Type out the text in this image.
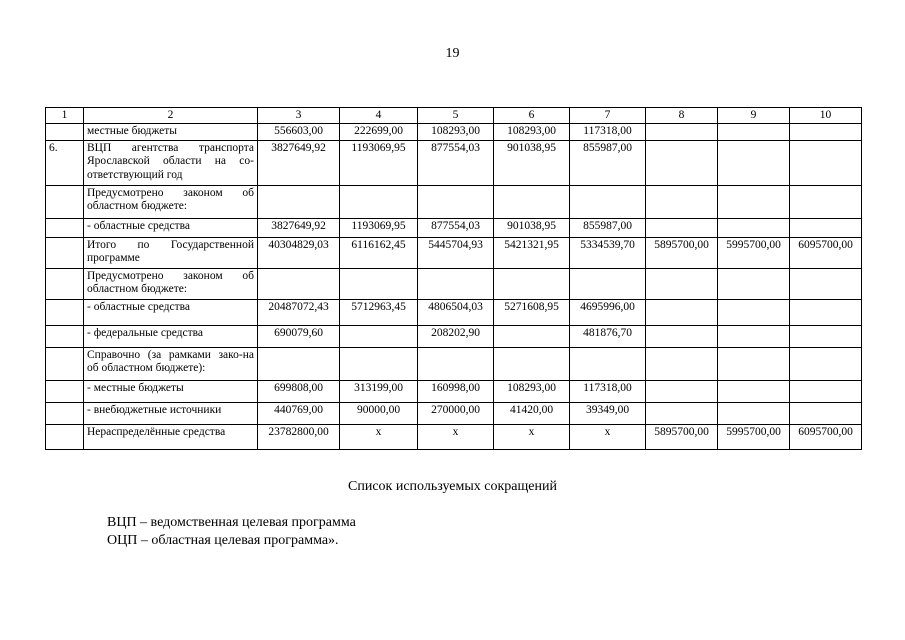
19
1	2	3	4	5	6	7	8	9	10
	местные бюджеты	556603,00	222699,00	108293,00	108293,00	117318,00			
6.	ВЦП агентства транспорта Ярославской области на со-ответствующий год	3827649,92	1193069,95	877554,03	901038,95	855987,00			
	Предусмотрено законом об областном бюджете:								
	- областные средства	3827649,92	1193069,95	877554,03	901038,95	855987,00			
	Итого по Государственной программе	40304829,03	6116162,45	5445704,93	5421321,95	5334539,70	5895700,00	5995700,00	6095700,00
	Предусмотрено законом об областном бюджете:								
	- областные средства	20487072,43	5712963,45	4806504,03	5271608,95	4695996,00			
	- федеральные средства	690079,60		208202,90		481876,70			
	Справочно (за рамками зако-на об областном бюджете):								
	- местные бюджеты	699808,00	313199,00	160998,00	108293,00	117318,00			
	- внебюджетные источники	440769,00	90000,00	270000,00	41420,00	39349,00			
	Нераспределённые средства	23782800,00	x	x	x	x	5895700,00	5995700,00	6095700,00
Список используемых сокращений
ВЦП – ведомственная целевая программа
ОЦП – областная целевая программа».
